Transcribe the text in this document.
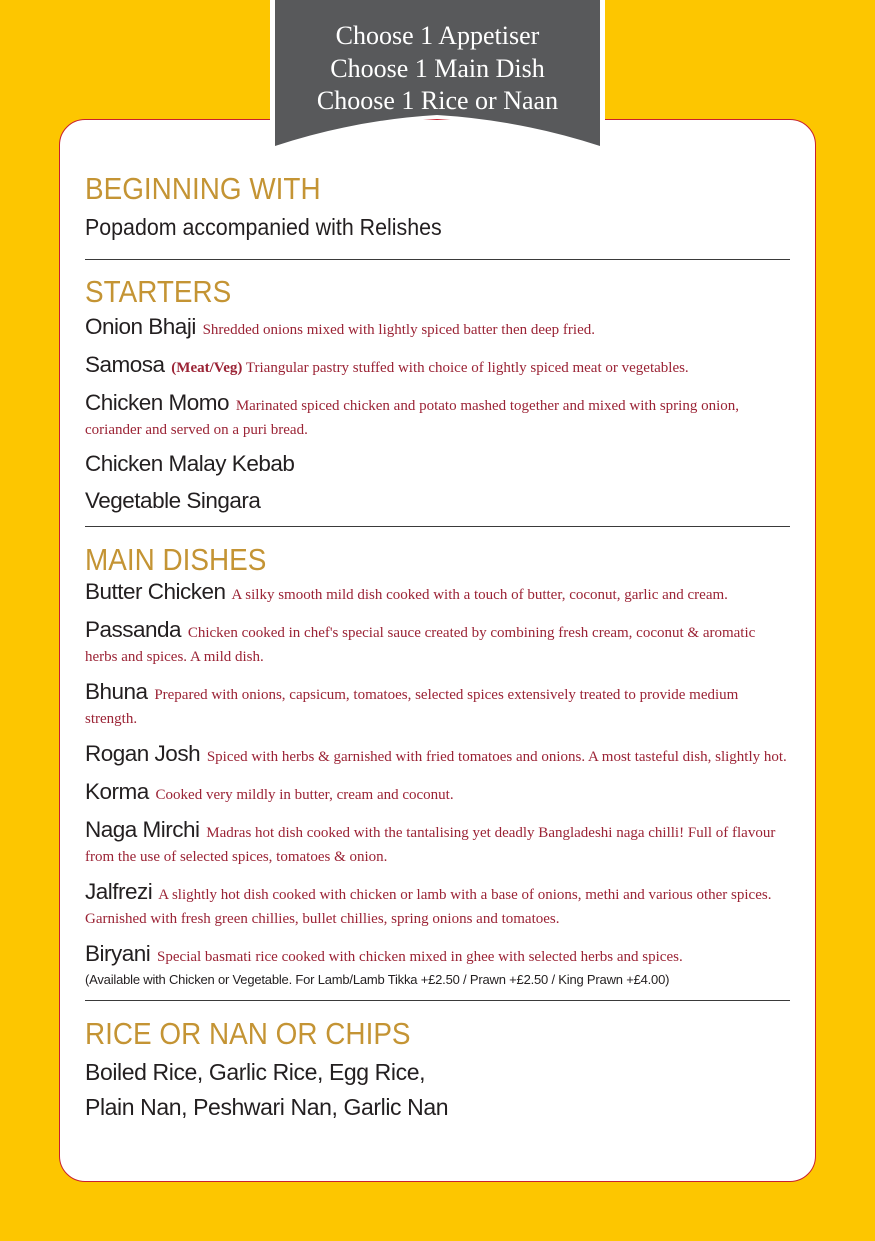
Choose 1 Appetiser
Choose 1 Main Dish
Choose 1 Rice or Naan
BEGINNING WITH
Popadom accompanied with Relishes
STARTERS
Onion Bhaji Shredded onions mixed with lightly spiced batter then deep fried.
Samosa (Meat/Veg) Triangular pastry stuffed with choice of lightly spiced meat or vegetables.
Chicken Momo Marinated spiced chicken and potato mashed together and mixed with spring onion, coriander and served on a puri bread.
Chicken Malay Kebab
Vegetable Singara
MAIN DISHES
Butter Chicken A silky smooth mild dish cooked with a touch of butter, coconut, garlic and cream.
Passanda Chicken cooked in chef's special sauce created by combining fresh cream, coconut & aromatic herbs and spices. A mild dish.
Bhuna Prepared with onions, capsicum, tomatoes, selected spices extensively treated to provide medium strength.
Rogan Josh Spiced with herbs & garnished with fried tomatoes and onions. A most tasteful dish, slightly hot.
Korma Cooked very mildly in butter, cream and coconut.
Naga Mirchi Madras hot dish cooked with the tantalising yet deadly Bangladeshi naga chilli! Full of flavour from the use of selected spices, tomatoes & onion.
Jalfrezi A slightly hot dish cooked with chicken or lamb with a base of onions, methi and various other spices. Garnished with fresh green chillies, bullet chillies, spring onions and tomatoes.
Biryani Special basmati rice cooked with chicken mixed in ghee with selected herbs and spices.
(Available with Chicken or Vegetable. For Lamb/Lamb Tikka +£2.50 / Prawn +£2.50 / King Prawn +£4.00)
RICE OR NAN OR CHIPS
Boiled Rice, Garlic Rice, Egg Rice,
Plain Nan, Peshwari Nan, Garlic Nan
